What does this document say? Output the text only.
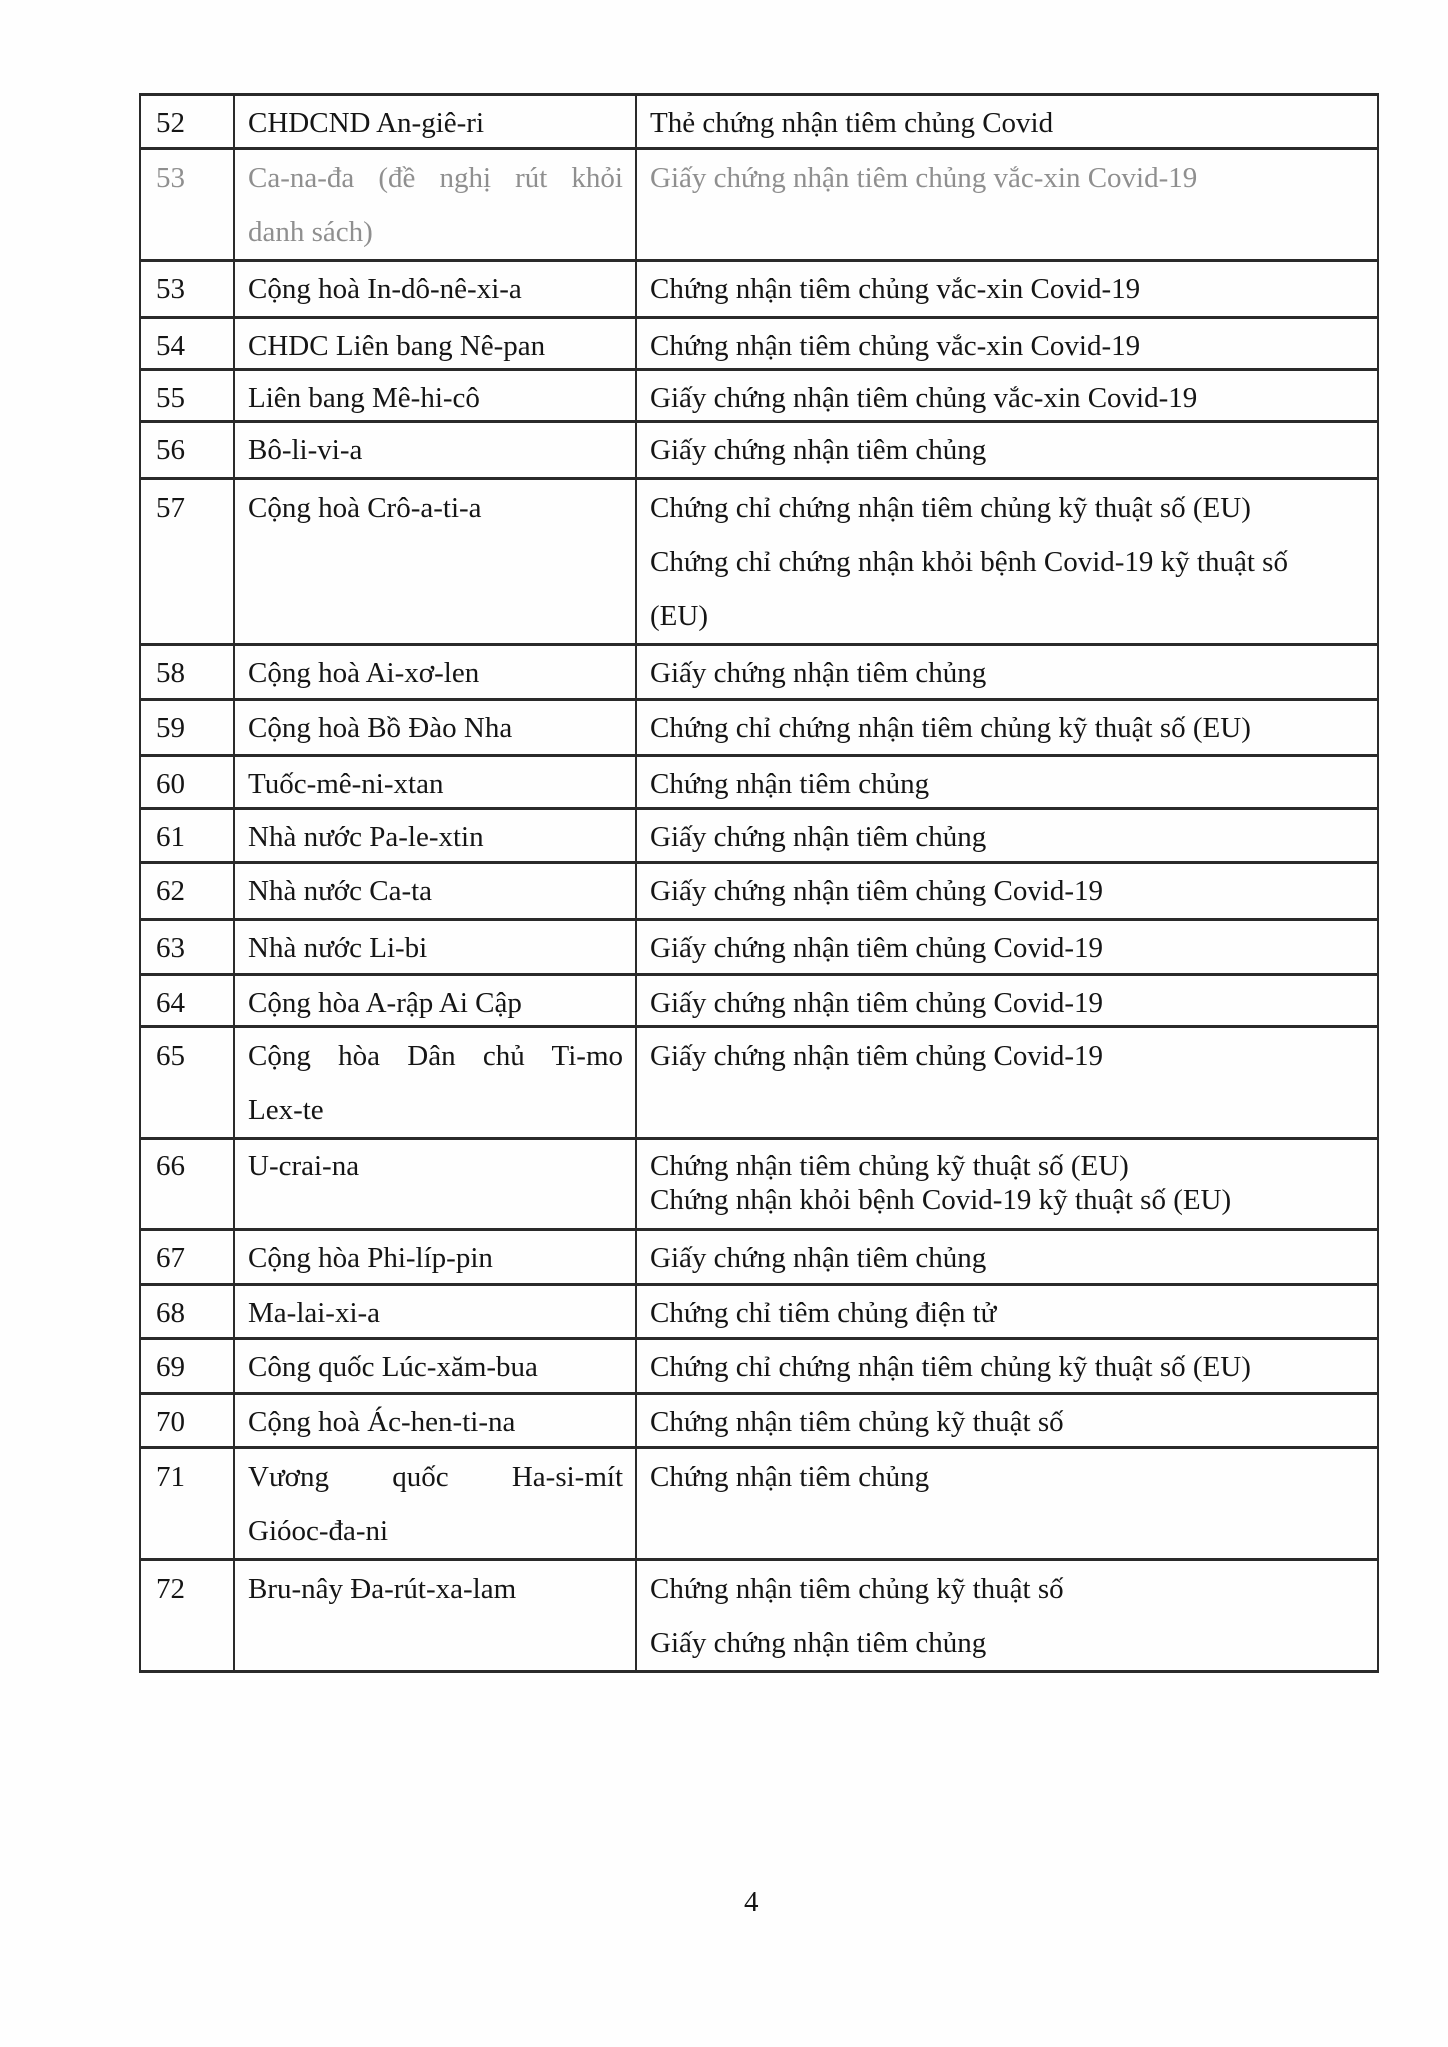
52	CHDCND An-giê-ri	Thẻ chứng nhận tiêm chủng Covid

53	Ca-na-đa (đề nghị rút khỏi
danh sách)	Giấy chứng nhận tiêm chủng vắc-xin Covid-19

53	Cộng hoà In-dô-nê-xi-a	Chứng nhận tiêm chủng vắc-xin Covid-19

54	CHDC Liên bang Nê-pan	Chứng nhận tiêm chủng vắc-xin Covid-19

55	Liên bang Mê-hi-cô	Giấy chứng nhận tiêm chủng vắc-xin Covid-19

56	Bô-li-vi-a	Giấy chứng nhận tiêm chủng

57	Cộng hoà Crô-a-ti-a	Chứng chỉ chứng nhận tiêm chủng kỹ thuật số (EU)
Chứng chỉ chứng nhận khỏi bệnh Covid-19 kỹ thuật số
(EU)

58	Cộng hoà Ai-xơ-len	Giấy chứng nhận tiêm chủng

59	Cộng hoà Bồ Đào Nha	Chứng chỉ chứng nhận tiêm chủng kỹ thuật số (EU)

60	Tuốc-mê-ni-xtan	Chứng nhận tiêm chủng

61	Nhà nước Pa-le-xtin	Giấy chứng nhận tiêm chủng

62	Nhà nước Ca-ta	Giấy chứng nhận tiêm chủng Covid-19

63	Nhà nước Li-bi	Giấy chứng nhận tiêm chủng Covid-19

64	Cộng hòa A-rập Ai Cập	Giấy chứng nhận tiêm chủng Covid-19

65	Cộng hòa Dân chủ Ti-mo
Lex-te	Giấy chứng nhận tiêm chủng Covid-19

66	U-crai-na	Chứng nhận tiêm chủng kỹ thuật số (EU)
Chứng nhận khỏi bệnh Covid-19 kỹ thuật số (EU)

67	Cộng hòa Phi-líp-pin	Giấy chứng nhận tiêm chủng

68	Ma-lai-xi-a	Chứng chỉ tiêm chủng điện tử

69	Công quốc Lúc-xăm-bua	Chứng chỉ chứng nhận tiêm chủng kỹ thuật số (EU)

70	Cộng hoà Ác-hen-ti-na	Chứng nhận tiêm chủng kỹ thuật số

71	Vương quốc Ha-si-mít
Gióoc-đa-ni	Chứng nhận tiêm chủng

72	Bru-nây Đa-rút-xa-lam	Chứng nhận tiêm chủng kỹ thuật số
Giấy chứng nhận tiêm chủng
4
